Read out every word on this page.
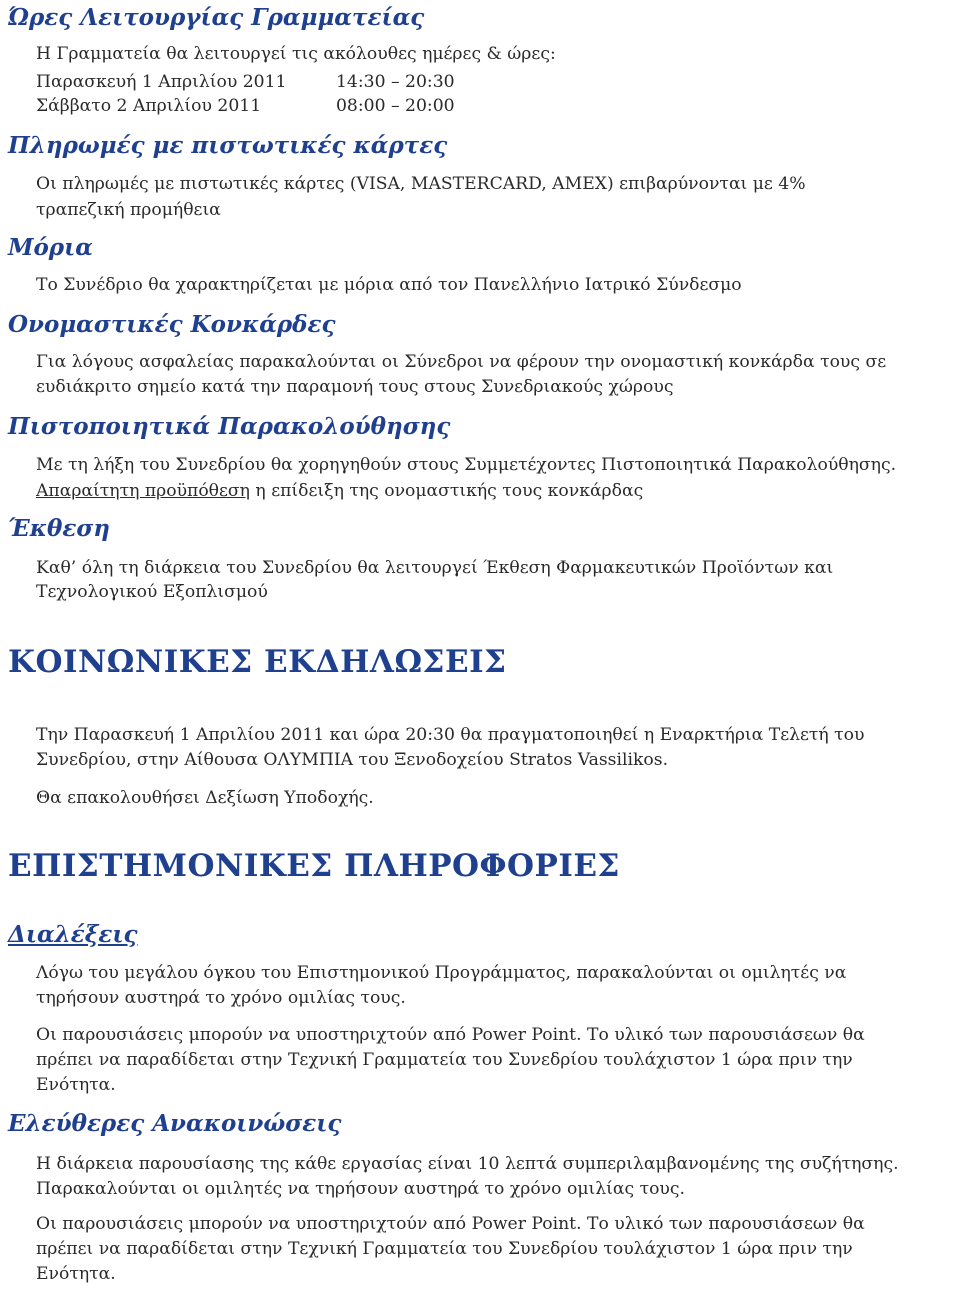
Ώρες Λειτουργίας Γραμματείας

Η Γραμματεία θα λειτουργεί τις ακόλουθες ημέρες & ώρες:

Παρασκευή 1 Απριλίου 2011	14:30 – 20:30
Σάββατο 2 Απριλίου 2011	08:00 – 20:00
Πληρωμές με πιστωτικές κάρτες

Οι πληρωμές με πιστωτικές κάρτες (VISA, MASTERCARD, AMEX) επιβαρύνονται με 4%

τραπεζική προμήθεια

Μόρια

Το Συνέδριο θα χαρακτηρίζεται με μόρια από τον Πανελλήνιο Ιατρικό Σύνδεσμο

Ονομαστικές Κονκάρδες

Για λόγους ασφαλείας παρακαλούνται οι Σύνεδροι να φέρουν την ονομαστική κονκάρδα τους σε

ευδιάκριτο σημείο κατά την παραμονή τους στους Συνεδριακούς χώρους

Πιστοποιητικά Παρακολούθησης

Με τη λήξη του Συνεδρίου θα χορηγηθούν στους Συμμετέχοντες Πιστοποιητικά Παρακολούθησης.

Απαραίτητη προϋπόθεση η επίδειξη της ονομαστικής τους κονκάρδας

Έκθεση

Καθ’ όλη τη διάρκεια του Συνεδρίου θα λειτουργεί Έκθεση Φαρμακευτικών Προϊόντων και

Τεχνολογικού Εξοπλισμού

ΚΟΙΝΩΝΙΚΕΣ ΕΚΔΗΛΩΣΕΙΣ

Την Παρασκευή 1 Απριλίου 2011 και ώρα 20:30 θα πραγματοποιηθεί η Εναρκτήρια Τελετή του

Συνεδρίου, στην Αίθουσα ΟΛΥΜΠΙΑ του Ξενοδοχείου Stratos Vassilikos.

Θα επακολουθήσει Δεξίωση Υποδοχής.

ΕΠΙΣΤΗΜΟΝΙΚΕΣ ΠΛΗΡΟΦΟΡΙΕΣ
Διαλέξεις

Λόγω του μεγάλου όγκου του Επιστημονικού Προγράμματος, παρακαλούνται οι ομιλητές να

τηρήσουν αυστηρά το χρόνο ομιλίας τους.

Οι παρουσιάσεις μπορούν να υποστηριχτούν από Power Point. Το υλικό των παρουσιάσεων θα

πρέπει να παραδίδεται στην Τεχνική Γραμματεία του Συνεδρίου τουλάχιστον 1 ώρα πριν την

Ενότητα.

Ελεύθερες Ανακοινώσεις

Η διάρκεια παρουσίασης της κάθε εργασίας είναι 10 λεπτά συμπεριλαμβανομένης της συζήτησης.

Παρακαλούνται οι ομιλητές να τηρήσουν αυστηρά το χρόνο ομιλίας τους.

Οι παρουσιάσεις μπορούν να υποστηριχτούν από Power Point. Το υλικό των παρουσιάσεων θα

πρέπει να παραδίδεται στην Τεχνική Γραμματεία του Συνεδρίου τουλάχιστον 1 ώρα πριν την

Ενότητα.
